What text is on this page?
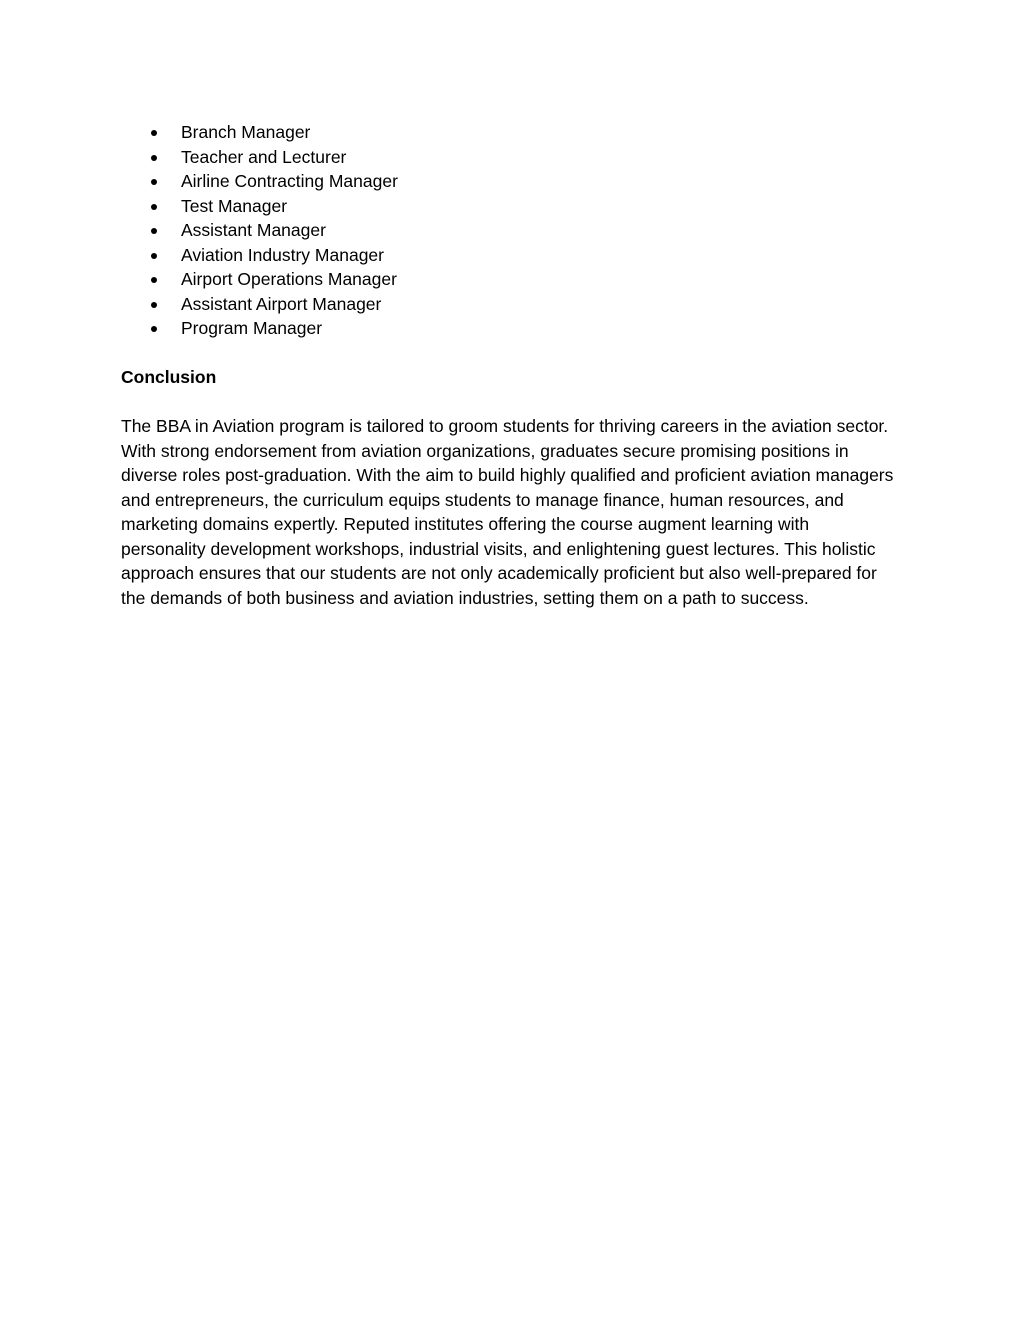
Branch Manager
Teacher and Lecturer
Airline Contracting Manager
Test Manager
Assistant Manager
Aviation Industry Manager
Airport Operations Manager
Assistant Airport Manager
Program Manager
Conclusion

The BBA in Aviation program is tailored to groom students for thriving careers in the aviation sector. With strong endorsement from aviation organizations, graduates secure promising positions in diverse roles post-graduation. With the aim to build highly qualified and proficient aviation managers and entrepreneurs, the curriculum equips students to manage finance, human resources, and marketing domains expertly. Reputed institutes offering the course augment learning with personality development workshops, industrial visits, and enlightening guest lectures. This holistic approach ensures that our students are not only academically proficient but also well-prepared for the demands of both business and aviation industries, setting them on a path to success.
